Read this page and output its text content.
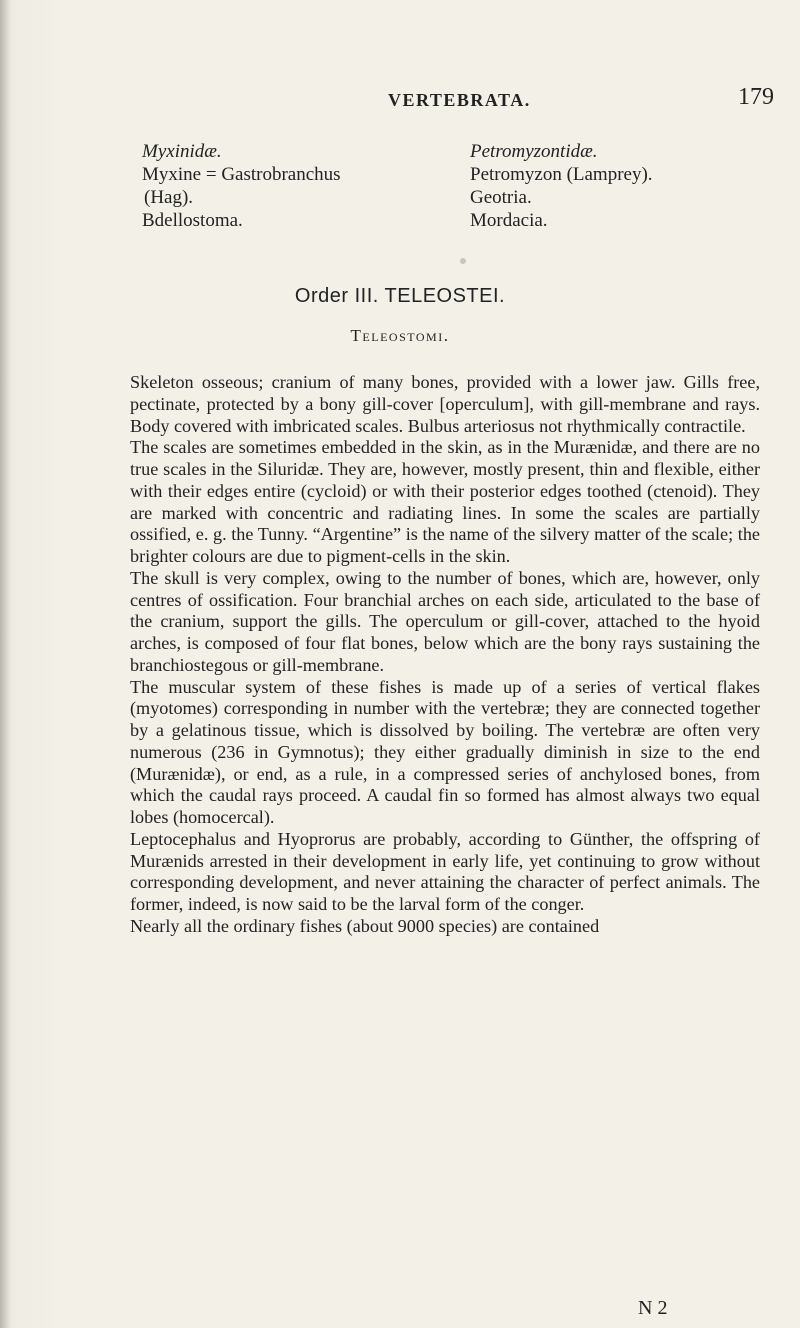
VERTEBRATA.	179
Myxinidæ.
Myxine = Gastrobranchus
(Hag).
Bdellostoma.
Petromyzontidæ.
Petromyzon (Lamprey).
Geotria.
Mordacia.
Order III. TELEOSTEI.
Teleostomi.

Skeleton osseous; cranium of many bones, provided with a lower jaw. Gills free, pectinate, protected by a bony gill-cover [operculum], with gill-membrane and rays. Body covered with imbricated scales. Bulbus arteriosus not rhythmically contractile.

The scales are sometimes embedded in the skin, as in the Murænidæ, and there are no true scales in the Siluridæ. They are, however, mostly present, thin and flexible, either with their edges entire (cycloid) or with their posterior edges toothed (ctenoid). They are marked with concentric and radiating lines. In some the scales are partially ossified, e. g. the Tunny. “Argentine” is the name of the silvery matter of the scale; the brighter colours are due to pigment-cells in the skin.

The skull is very complex, owing to the number of bones, which are, however, only centres of ossification. Four branchial arches on each side, articulated to the base of the cranium, support the gills. The operculum or gill-cover, attached to the hyoid arches, is composed of four flat bones, below which are the bony rays sustaining the branchiostegous or gill-membrane.

The muscular system of these fishes is made up of a series of vertical flakes (myotomes) corresponding in number with the vertebræ; they are connected together by a gelatinous tissue, which is dissolved by boiling. The vertebræ are often very numerous (236 in Gymnotus); they either gradually diminish in size to the end (Murænidæ), or end, as a rule, in a compressed series of anchylosed bones, from which the caudal rays proceed. A caudal fin so formed has almost always two equal lobes (homocercal).

Leptocephalus and Hyoprorus are probably, according to Günther, the offspring of Murænids arrested in their development in early life, yet continuing to grow without corresponding development, and never attaining the character of perfect animals. The former, indeed, is now said to be the larval form of the conger.

Nearly all the ordinary fishes (about 9000 species) are contained

N 2
